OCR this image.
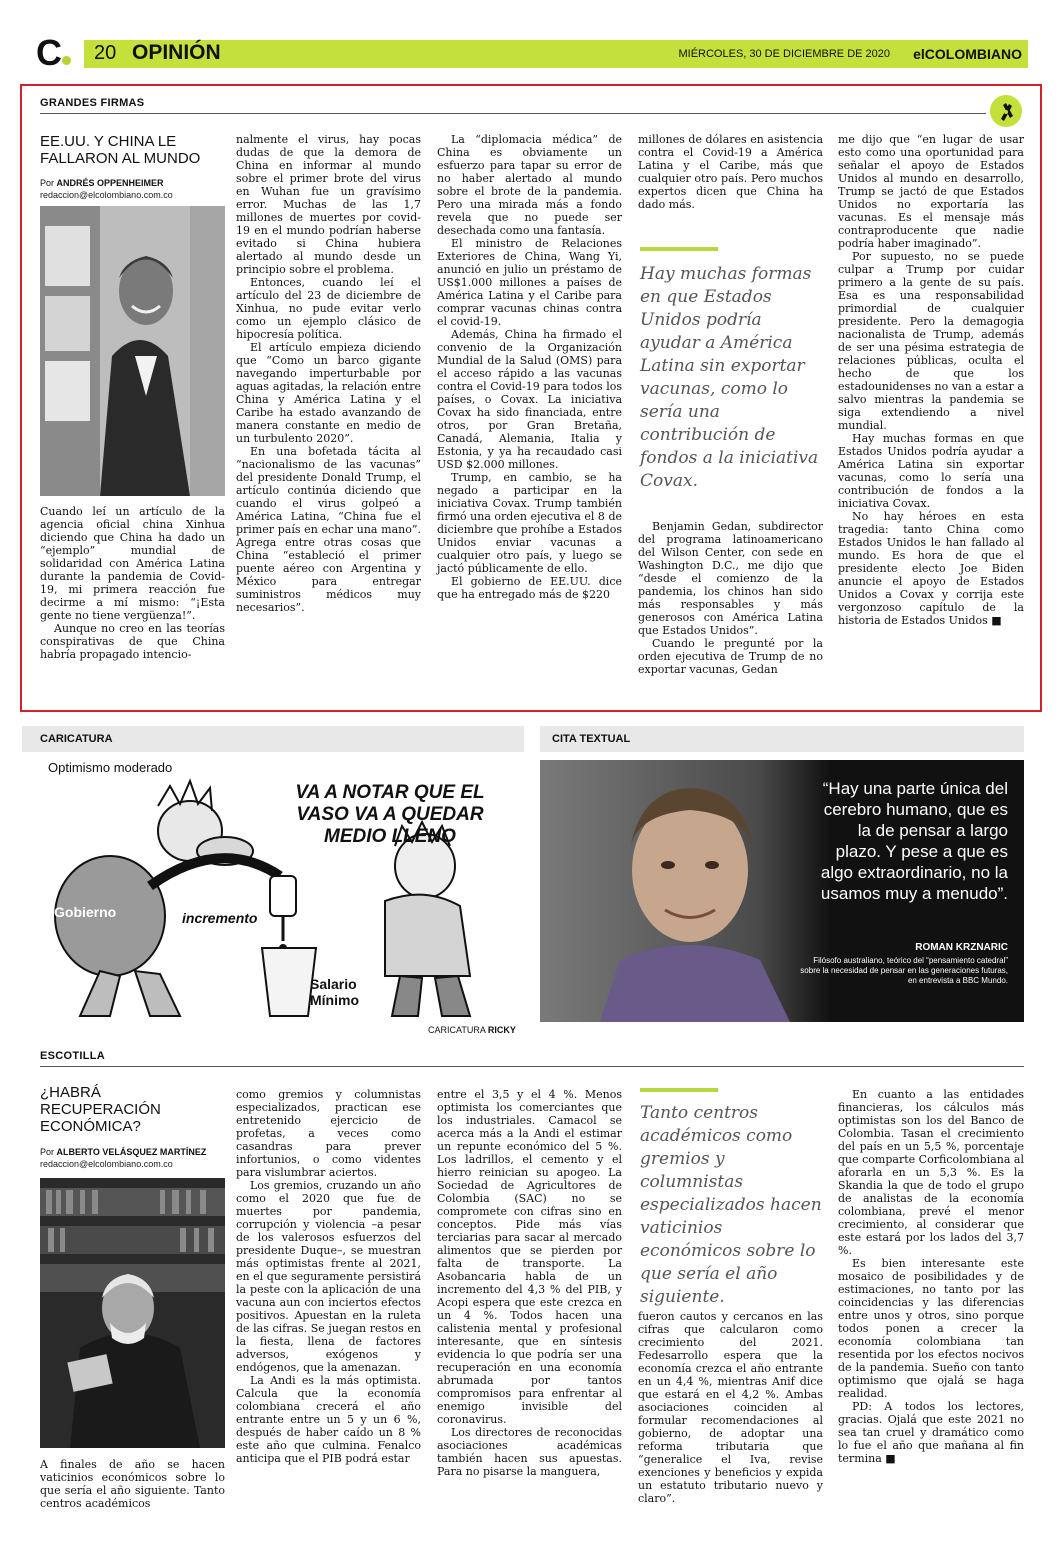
C 20 OPINIÓN	MIÉRCOLES, 30 DE DICIEMBRE DE 2020 elCOLOMBIANO
GRANDES FIRMAS
EE.UU. Y CHINA LE FALLARON AL MUNDO
Por ANDRÉS OPPENHEIMER
redaccion@elcolombiano.com.co

Cuando leí un artículo de la agencia oficial china Xinhua diciendo que China ha dado un “ejemplo” mundial de solidaridad con América Latina durante la pandemia de Covid-19, mi primera reacción fue decirme a mí mismo: “¡Esta gente no tiene vergüenza!”.

Aunque no creo en las teorías conspirativas de que China habría propagado intencio-

nalmente el virus, hay pocas dudas de que la demora de China en informar al mundo sobre el primer brote del virus en Wuhan fue un gravísimo error. Muchas de las 1,7 millones de muertes por covid-19 en el mundo podrían haberse evitado si China hubiera alertado al mundo desde un principio sobre el problema.

Entonces, cuando leí el artículo del 23 de diciembre de Xinhua, no pude evitar verlo como un ejemplo clásico de hipocresía política.

El artículo empieza diciendo que “Como un barco gigante navegando imperturbable por aguas agitadas, la relación entre China y América Latina y el Caribe ha estado avanzando de manera constante en medio de un turbulento 2020”.

En una bofetada tácita al “nacionalismo de las vacunas” del presidente Donald Trump, el artículo continúa diciendo que cuando el virus golpeó a América Latina, “China fue el primer país en echar una mano”. Agrega entre otras cosas que China “estableció el primer puente aéreo con Argentina y México para entregar suministros médicos muy necesarios”.

La “diplomacia médica” de China es obviamente un esfuerzo para tapar su error de no haber alertado al mundo sobre el brote de la pandemia. Pero una mirada más a fondo revela que no puede ser desechada como una fantasía.

El ministro de Relaciones Exteriores de China, Wang Yi, anunció en julio un préstamo de US$1.000 millones a países de América Latina y el Caribe para comprar vacunas chinas contra el covid-19.

Además, China ha firmado el convenio de la Organización Mundial de la Salud (OMS) para el acceso rápido a las vacunas contra el Covid-19 para todos los países, o Covax. La iniciativa Covax ha sido financiada, entre otros, por Gran Bretaña, Canadá, Alemania, Italia y Estonia, y ya ha recaudado casi USD $2.000 millones.

Trump, en cambio, se ha negado a participar en la iniciativa Covax. Trump también firmó una orden ejecutiva el 8 de diciembre que prohíbe a Estados Unidos enviar vacunas a cualquier otro país, y luego se jactó públicamente de ello.

El gobierno de EE.UU. dice que ha entregado más de $220

millones de dólares en asistencia contra el Covid-19 a América Latina y el Caribe, más que cualquier otro país. Pero muchos expertos dicen que China ha dado más.

Hay muchas formas en que Estados Unidos podría ayudar a América Latina sin exportar vacunas, como lo sería una contribución de fondos a la iniciativa Covax.

Benjamin Gedan, subdirector del programa latinoamericano del Wilson Center, con sede en Washington D.C., me dijo que “desde el comienzo de la pandemia, los chinos han sido más responsables y más generosos con América Latina que Estados Unidos”.

Cuando le pregunté por la orden ejecutiva de Trump de no exportar vacunas, Gedan

me dijo que “en lugar de usar esto como una oportunidad para señalar el apoyo de Estados Unidos al mundo en desarrollo, Trump se jactó de que Estados Unidos no exportaría las vacunas. Es el mensaje más contraproducente que nadie podría haber imaginado”.

Por supuesto, no se puede culpar a Trump por cuidar primero a la gente de su país. Esa es una responsabilidad primordial de cualquier presidente. Pero la demagogia nacionalista de Trump, además de ser una pésima estrategia de relaciones públicas, oculta el hecho de que los estadounidenses no van a estar a salvo mientras la pandemia se siga extendiendo a nivel mundial.

Hay muchas formas en que Estados Unidos podría ayudar a América Latina sin exportar vacunas, como lo sería una contribución de fondos a la iniciativa Covax.

No hay héroes en esta tragedia: tanto China como Estados Unidos le han fallado al mundo. Es hora de que el presidente electo Joe Biden anuncie el apoyo de Estados Unidos a Covax y corrija este vergonzoso capítulo de la historia de Estados Unidos ■

CARICATURA
Optimismo moderado
VA A NOTAR QUE EL VASO VA A QUEDAR MEDIO LLENO
Gobierno	incremento
Salario Mínimo
CARICATURA RICKY
CITA TEXTUAL
“Hay una parte única del cerebro humano, que es la de pensar a largo plazo. Y pese a que es algo extraordinario, no la usamos muy a menudo”.
ROMAN KRZNARIC
Filósofo australiano, teórico del “pensamiento catedral” sobre la necesidad de pensar en las generaciones futuras, en entrevista a BBC Mundo.
ESCOTILLA
¿HABRÁ RECUPERACIÓN ECONÓMICA?
Por ALBERTO VELÁSQUEZ MARTÍNEZ
redaccion@elcolombiano.com.co

A finales de año se hacen vaticinios económicos sobre lo que sería el año siguiente. Tanto centros académicos

como gremios y columnistas especializados, practican ese entretenido ejercicio de profetas, a veces como casandras para prever infortunios, o como videntes para vislumbrar aciertos.

Los gremios, cruzando un año como el 2020 que fue de muertes por pandemia, corrupción y violencia –a pesar de los valerosos esfuerzos del presidente Duque–, se muestran más optimistas frente al 2021, en el que seguramente persistirá la peste con la aplicación de una vacuna aun con inciertos efectos positivos. Apuestan en la ruleta de las cifras. Se juegan restos en la fiesta, llena de factores adversos, exógenos y endógenos, que la amenazan.

La Andi es la más optimista. Calcula que la economía colombiana crecerá el año entrante entre un 5 y un 6 %, después de haber caído un 8 % este año que culmina. Fenalco anticipa que el PIB podrá estar

entre el 3,5 y el 4 %. Menos optimista los comerciantes que los industriales. Camacol se acerca más a la Andi el estimar un repunte económico del 5 %. Los ladrillos, el cemento y el hierro reinician su apogeo. La Sociedad de Agricultores de Colombia (SAC) no se compromete con cifras sino en conceptos. Pide más vías terciarias para sacar al mercado alimentos que se pierden por falta de transporte. La Asobancaria habla de un incremento del 4,3 % del PIB, y Acopi espera que este crezca en un 4 %. Todos hacen una calistenia mental y profesional interesante, que en síntesis evidencia lo que podría ser una recuperación en una economía abrumada por tantos compromisos para enfrentar al enemigo invisible del coronavirus.

Los directores de reconocidas asociaciones académicas también hacen sus apuestas. Para no pisarse la manguera,

Tanto centros académicos como gremios y columnistas especializados hacen vaticinios económicos sobre lo que sería el año siguiente.

fueron cautos y cercanos en las cifras que calcularon como crecimiento del 2021. Fedesarrollo espera que la economía crezca el año entrante en un 4,4 %, mientras Anif dice que estará en el 4,2 %. Ambas asociaciones coinciden al formular recomendaciones al gobierno, de adoptar una reforma tributaria que “generalice el Iva, revise exenciones y beneficios y expida un estatuto tributario nuevo y claro”.

En cuanto a las entidades financieras, los cálculos más optimistas son los del Banco de Colombia. Tasan el crecimiento del país en un 5,5 %, porcentaje que comparte Corficolombiana al aforarla en un 5,3 %. Es la Skandia la que de todo el grupo de analistas de la economía colombiana, prevé el menor crecimiento, al considerar que este estará por los lados del 3,7 %.

Es bien interesante este mosaico de posibilidades y de estimaciones, no tanto por las coincidencias y las diferencias entre unos y otros, sino porque todos ponen a crecer la economía colombiana tan resentida por los efectos nocivos de la pandemia. Sueño con tanto optimismo que ojalá se haga realidad.

PD: A todos los lectores, gracias. Ojalá que este 2021 no sea tan cruel y dramático como lo fue el año que mañana al fin termina ■
